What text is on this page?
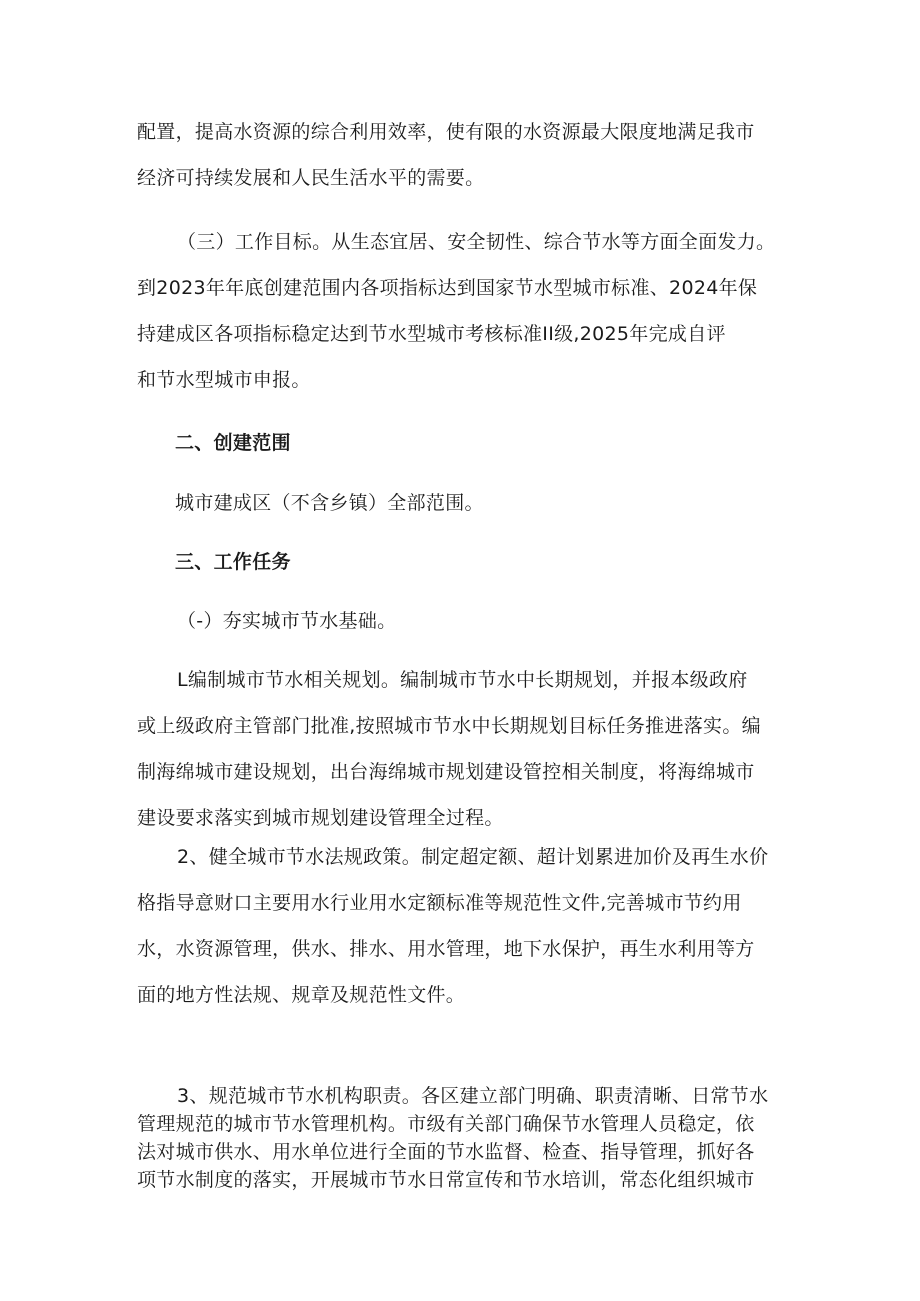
配置，提高水资源的综合利用效率，使有限的水资源最大限度地满足我市
经济可持续发展和人民生活水平的需要。

（三）工作目标。从生态宜居、安全韧性、综合节水等方面全面发力。
到2023年年底创建范围内各项指标达到国家节水型城市标准、2024年保
持建成区各项指标稳定达到节水型城市考核标准II级,2025年完成自评
和节水型城市申报。

二、创建范围

城市建成区（不含乡镇）全部范围。

三、工作任务

（-）夯实城市节水基础。

L编制城市节水相关规划。编制城市节水中长期规划，并报本级政府
或上级政府主管部门批准,按照城市节水中长期规划目标任务推进落实。编
制海绵城市建设规划，出台海绵城市规划建设管控相关制度，将海绵城市
建设要求落实到城市规划建设管理全过程。

2、健全城市节水法规政策。制定超定额、超计划累进加价及再生水价
格指导意财口主要用水行业用水定额标准等规范性文件,完善城市节约用
水，水资源管理，供水、排水、用水管理，地下水保护，再生水利用等方
面的地方性法规、规章及规范性文件。

3、规范城市节水机构职责。各区建立部门明确、职责清晰、日常节水
管理规范的城市节水管理机构。市级有关部门确保节水管理人员稳定，依
法对城市供水、用水单位进行全面的节水监督、检查、指导管理，抓好各
项节水制度的落实，开展城市节水日常宣传和节水培训，常态化组织城市
